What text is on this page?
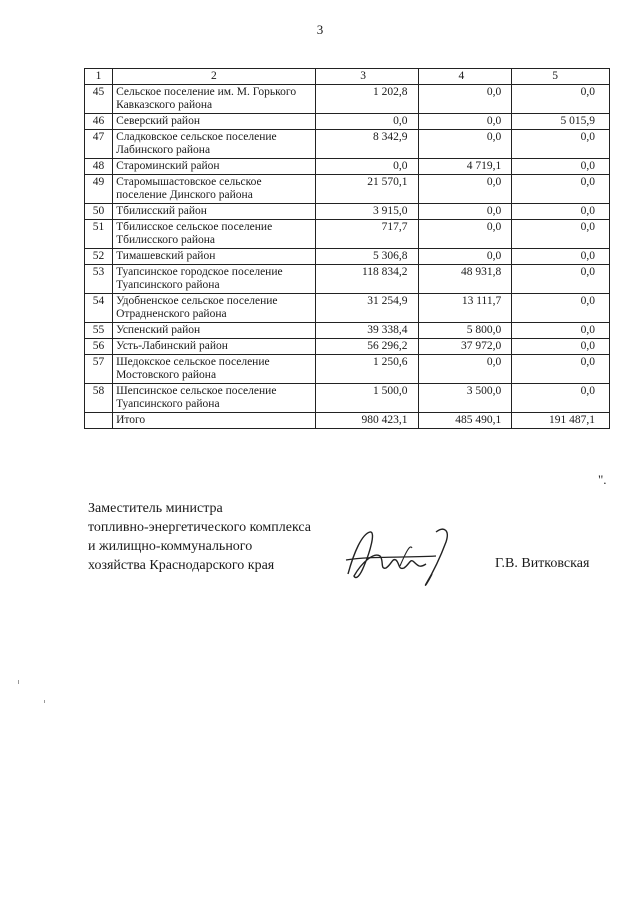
3
1	2	3	4	5
45	Сельское поселение им. М. Горького Кавказского района	1 202,8	0,0	0,0
46	Северский район	0,0	0,0	5 015,9
47	Сладковское сельское поселение Лабинского района	8 342,9	0,0	0,0
48	Староминский район	0,0	4 719,1	0,0
49	Старомышастовское сельское поселение Динского района	21 570,1	0,0	0,0
50	Тбилисский район	3 915,0	0,0	0,0
51	Тбилисское сельское поселение Тбилисского района	717,7	0,0	0,0
52	Тимашевский район	5 306,8	0,0	0,0
53	Туапсинское городское поселение Туапсинского района	118 834,2	48 931,8	0,0
54	Удобненское сельское поселение Отрадненского района	31 254,9	13 111,7	0,0
55	Успенский район	39 338,4	5 800,0	0,0
56	Усть-Лабинский район	56 296,2	37 972,0	0,0
57	Шедокское сельское поселение Мостовского района	1 250,6	0,0	0,0
58	Шепсинское сельское поселение Туапсинского района	1 500,0	3 500,0	0,0
	Итого	980 423,1	485 490,1	191 487,1
".
Заместитель министра
топливно-энергетического комплекса
и жилищно-коммунального
хозяйства Краснодарского края	Г.В. Витковская
